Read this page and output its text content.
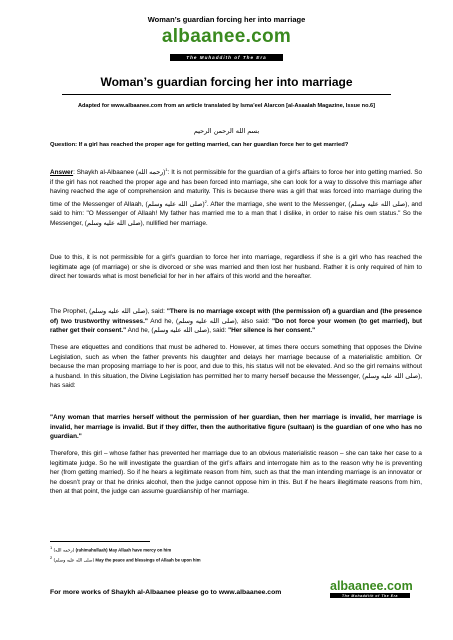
Woman’s guardian forcing her into marriage
albaanee.com
The Muhaddith of The Era
Woman’s guardian forcing her into marriage
Adapted for www.albaanee.com from an article translated by Isma’eel Alarcon [al-Asaalah Magazine, Issue no.6]
بسم الله الرحمن الرحيم
Question: If a girl has reached the proper age for getting married, can her guardian force her to get married?
Answer: Shaykh al-Albaanee (رحمه الله)$^1$: It is not permissible for the guardian of a girl’s affairs to force her into getting married. So if the girl has not reached the proper age and has been forced into marriage, she can look for a way to dissolve this marriage after having reached the age of comprehension and maturity. This is because there was a girl that was forced into marriage during the time of the Messenger of Allaah, (صلى الله عليه وسلم)$^2$. After the marriage, she went to the Messenger, (صلى الله عليه وسلم), and said to him: "O Messenger of Allaah! My father has married me to a man that I dislike, in order to raise his own status." So the Messenger, (صلى الله عليه وسلم), nullified her marriage.
Due to this, it is not permissible for a girl’s guardian to force her into marriage, regardless if she is a girl who has reached the legitimate age (of marriage) or she is divorced or she was married and then lost her husband. Rather it is only required of him to direct her towards what is most beneficial for her in her affairs of this world and the hereafter.
The Prophet, (صلى الله عليه وسلم), said: "There is no marriage except with (the permission of) a guardian and (the presence of) two trustworthy witnesses." And he, (صلى الله عليه وسلم), also said: "Do not force your women (to get married), but rather get their consent." And he, (صلى الله عليه وسلم), said: "Her silence is her consent."
These are etiquettes and conditions that must be adhered to. However, at times there occurs something that opposes the Divine Legislation, such as when the father prevents his daughter and delays her marriage because of a materialistic ambition. Or because the man proposing marriage to her is poor, and due to this, his status will not be elevated. And so the girl remains without a husband. In this situation, the Divine Legislation has permitted her to marry herself because the Messenger, (صلى الله عليه وسلم), has said:
"Any woman that marries herself without the permission of her guardian, then her marriage is invalid, her marriage is invalid, her marriage is invalid. But if they differ, then the authoritative figure (sultaan) is the guardian of one who has no guardian."
Therefore, this girl – whose father has prevented her marriage due to an obvious materialistic reason – she can take her case to a legitimate judge. So he will investigate the guardian of the girl’s affairs and interrogate him as to the reason why he is preventing her (from getting married). So if he hears a legitimate reason from him, such as that the man intending marriage is an innovator or he doesn’t pray or that he drinks alcohol, then the judge cannot oppose him in this. But if he hears illegitimate reasons from him, then at that point, the judge can assume guardianship of her marriage.
$^1$ (رحمه الله) (rahimahullaah) May Allaah have mercy on him
$^2$ (صلى الله عليه وسلم) May the peace and blessings of Allaah be upon him
For more works of Shaykh al-Albaanee please go to www.albaanee.com	albaanee.com
The Muhaddith of The Era
